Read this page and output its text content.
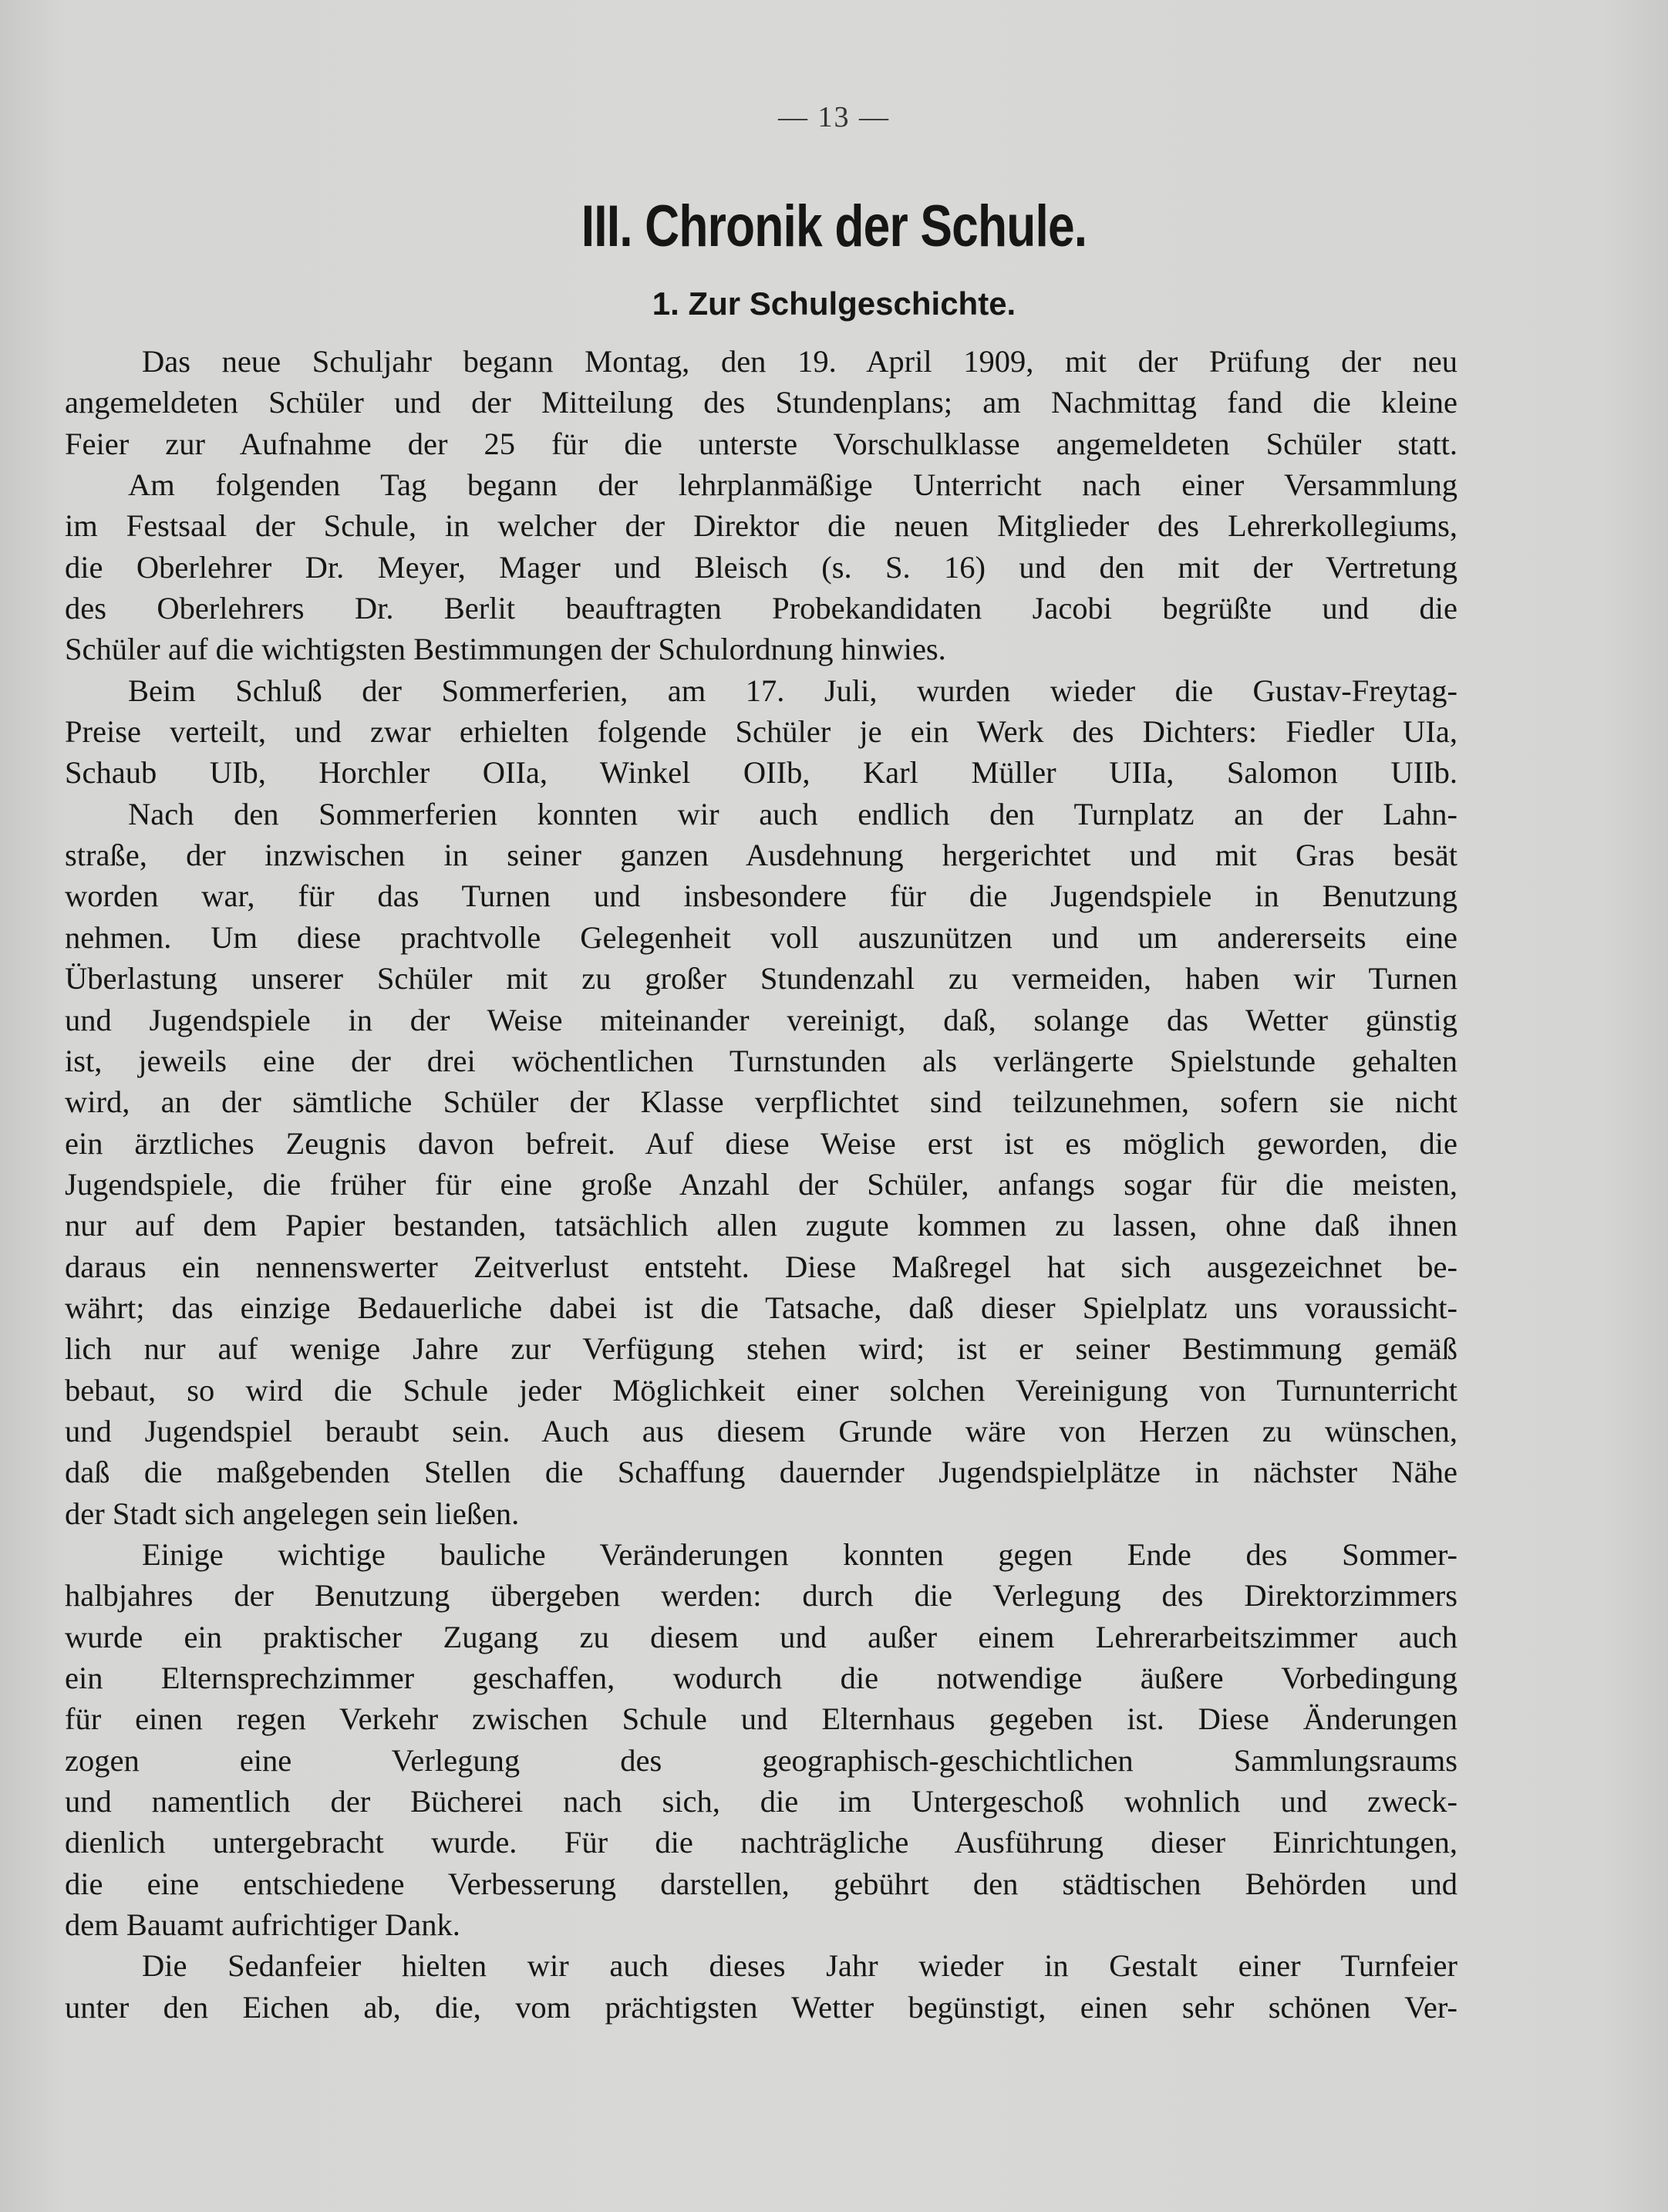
— 13 —
III. Chronik der Schule.
1. Zur Schulgeschichte.
Das neue Schuljahr begann Montag, den 19. April 1909, mit der Prüfung der neu
angemeldeten Schüler und der Mitteilung des Stundenplans; am Nachmittag fand die kleine
Feier zur Aufnahme der 25 für die unterste Vorschulklasse angemeldeten Schüler statt.
Am folgenden Tag begann der lehrplanmäßige Unterricht nach einer Versammlung
im Festsaal der Schule, in welcher der Direktor die neuen Mitglieder des Lehrerkollegiums,
die Oberlehrer Dr. Meyer, Mager und Bleisch (s. S. 16) und den mit der Vertretung
des Oberlehrers Dr. Berlit beauftragten Probekandidaten Jacobi begrüßte und die
Schüler auf die wichtigsten Bestimmungen der Schulordnung hinwies.
Beim Schluß der Sommerferien, am 17. Juli, wurden wieder die Gustav-Freytag-
Preise verteilt, und zwar erhielten folgende Schüler je ein Werk des Dichters: Fiedler UIa,
Schaub UIb, Horchler OIIa, Winkel OIIb, Karl Müller UIIa, Salomon UIIb.
Nach den Sommerferien konnten wir auch endlich den Turnplatz an der Lahn-
straße, der inzwischen in seiner ganzen Ausdehnung hergerichtet und mit Gras besät
worden war, für das Turnen und insbesondere für die Jugendspiele in Benutzung
nehmen. Um diese prachtvolle Gelegenheit voll auszunützen und um andererseits eine
Überlastung unserer Schüler mit zu großer Stundenzahl zu vermeiden, haben wir Turnen
und Jugendspiele in der Weise miteinander vereinigt, daß, solange das Wetter günstig
ist, jeweils eine der drei wöchentlichen Turnstunden als verlängerte Spielstunde gehalten
wird, an der sämtliche Schüler der Klasse verpflichtet sind teilzunehmen, sofern sie nicht
ein ärztliches Zeugnis davon befreit. Auf diese Weise erst ist es möglich geworden, die
Jugendspiele, die früher für eine große Anzahl der Schüler, anfangs sogar für die meisten,
nur auf dem Papier bestanden, tatsächlich allen zugute kommen zu lassen, ohne daß ihnen
daraus ein nennenswerter Zeitverlust entsteht. Diese Maßregel hat sich ausgezeichnet be-
währt; das einzige Bedauerliche dabei ist die Tatsache, daß dieser Spielplatz uns voraussicht-
lich nur auf wenige Jahre zur Verfügung stehen wird; ist er seiner Bestimmung gemäß
bebaut, so wird die Schule jeder Möglichkeit einer solchen Vereinigung von Turnunterricht
und Jugendspiel beraubt sein. Auch aus diesem Grunde wäre von Herzen zu wünschen,
daß die maßgebenden Stellen die Schaffung dauernder Jugendspielplätze in nächster Nähe
der Stadt sich angelegen sein ließen.
Einige wichtige bauliche Veränderungen konnten gegen Ende des Sommer-
halbjahres der Benutzung übergeben werden: durch die Verlegung des Direktorzimmers
wurde ein praktischer Zugang zu diesem und außer einem Lehrerarbeitszimmer auch
ein Elternsprechzimmer geschaffen, wodurch die notwendige äußere Vorbedingung
für einen regen Verkehr zwischen Schule und Elternhaus gegeben ist. Diese Änderungen
zogen eine Verlegung des geographisch-geschichtlichen Sammlungsraums
und namentlich der Bücherei nach sich, die im Untergeschoß wohnlich und zweck-
dienlich untergebracht wurde. Für die nachträgliche Ausführung dieser Einrichtungen,
die eine entschiedene Verbesserung darstellen, gebührt den städtischen Behörden und
dem Bauamt aufrichtiger Dank.
Die Sedanfeier hielten wir auch dieses Jahr wieder in Gestalt einer Turnfeier
unter den Eichen ab, die, vom prächtigsten Wetter begünstigt, einen sehr schönen Ver-
